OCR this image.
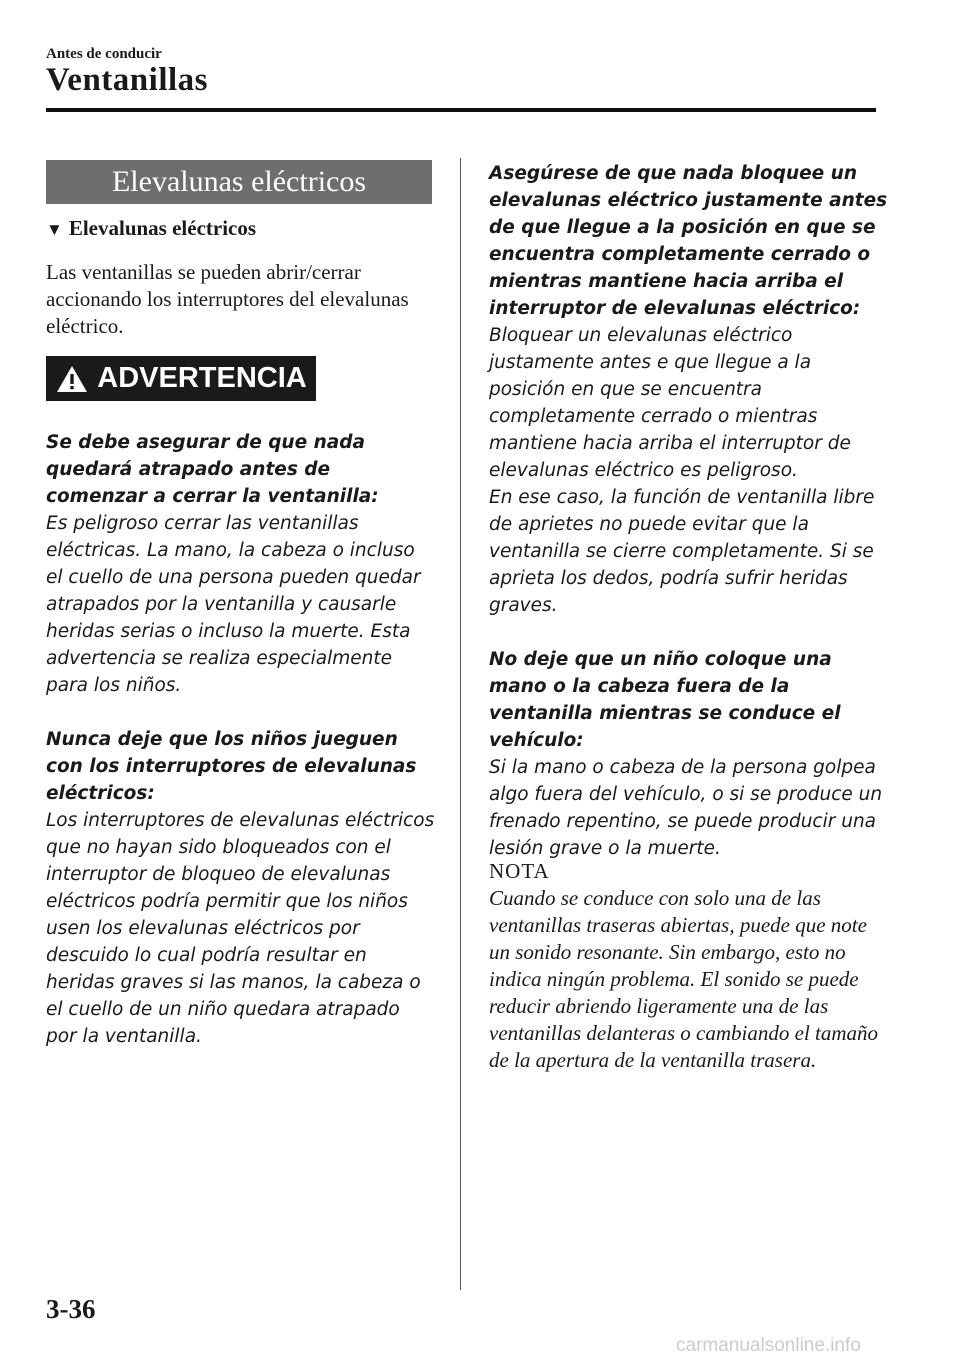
Antes de conducir
Ventanillas
Elevalunas eléctricos
▼ Elevalunas eléctricos
Las ventanillas se pueden abrir/cerrar accionando los interruptores del elevalunas eléctrico.
ADVERTENCIA
Se debe asegurar de que nada quedará atrapado antes de comenzar a cerrar la ventanilla:
Es peligroso cerrar las ventanillas eléctricas. La mano, la cabeza o incluso el cuello de una persona pueden quedar atrapados por la ventanilla y causarle heridas serias o incluso la muerte. Esta advertencia se realiza especialmente para los niños.
Nunca deje que los niños jueguen con los interruptores de elevalunas eléctricos:
Los interruptores de elevalunas eléctricos que no hayan sido bloqueados con el interruptor de bloqueo de elevalunas eléctricos podría permitir que los niños usen los elevalunas eléctricos por descuido lo cual podría resultar en heridas graves si las manos, la cabeza o el cuello de un niño quedara atrapado por la ventanilla.
Asegúrese de que nada bloquee un elevalunas eléctrico justamente antes de que llegue a la posición en que se encuentra completamente cerrado o mientras mantiene hacia arriba el interruptor de elevalunas eléctrico:
Bloquear un elevalunas eléctrico justamente antes e que llegue a la posición en que se encuentra completamente cerrado o mientras mantiene hacia arriba el interruptor de elevalunas eléctrico es peligroso.
En ese caso, la función de ventanilla libre de aprietes no puede evitar que la ventanilla se cierre completamente. Si se aprieta los dedos, podría sufrir heridas graves.
No deje que un niño coloque una mano o la cabeza fuera de la ventanilla mientras se conduce el vehículo:
Si la mano o cabeza de la persona golpea algo fuera del vehículo, o si se produce un frenado repentino, se puede producir una lesión grave o la muerte.
NOTA
Cuando se conduce con solo una de las ventanillas traseras abiertas, puede que note un sonido resonante. Sin embargo, esto no indica ningún problema. El sonido se puede reducir abriendo ligeramente una de las ventanillas delanteras o cambiando el tamaño de la apertura de la ventanilla trasera.
3-36
carmanualsonline.info
